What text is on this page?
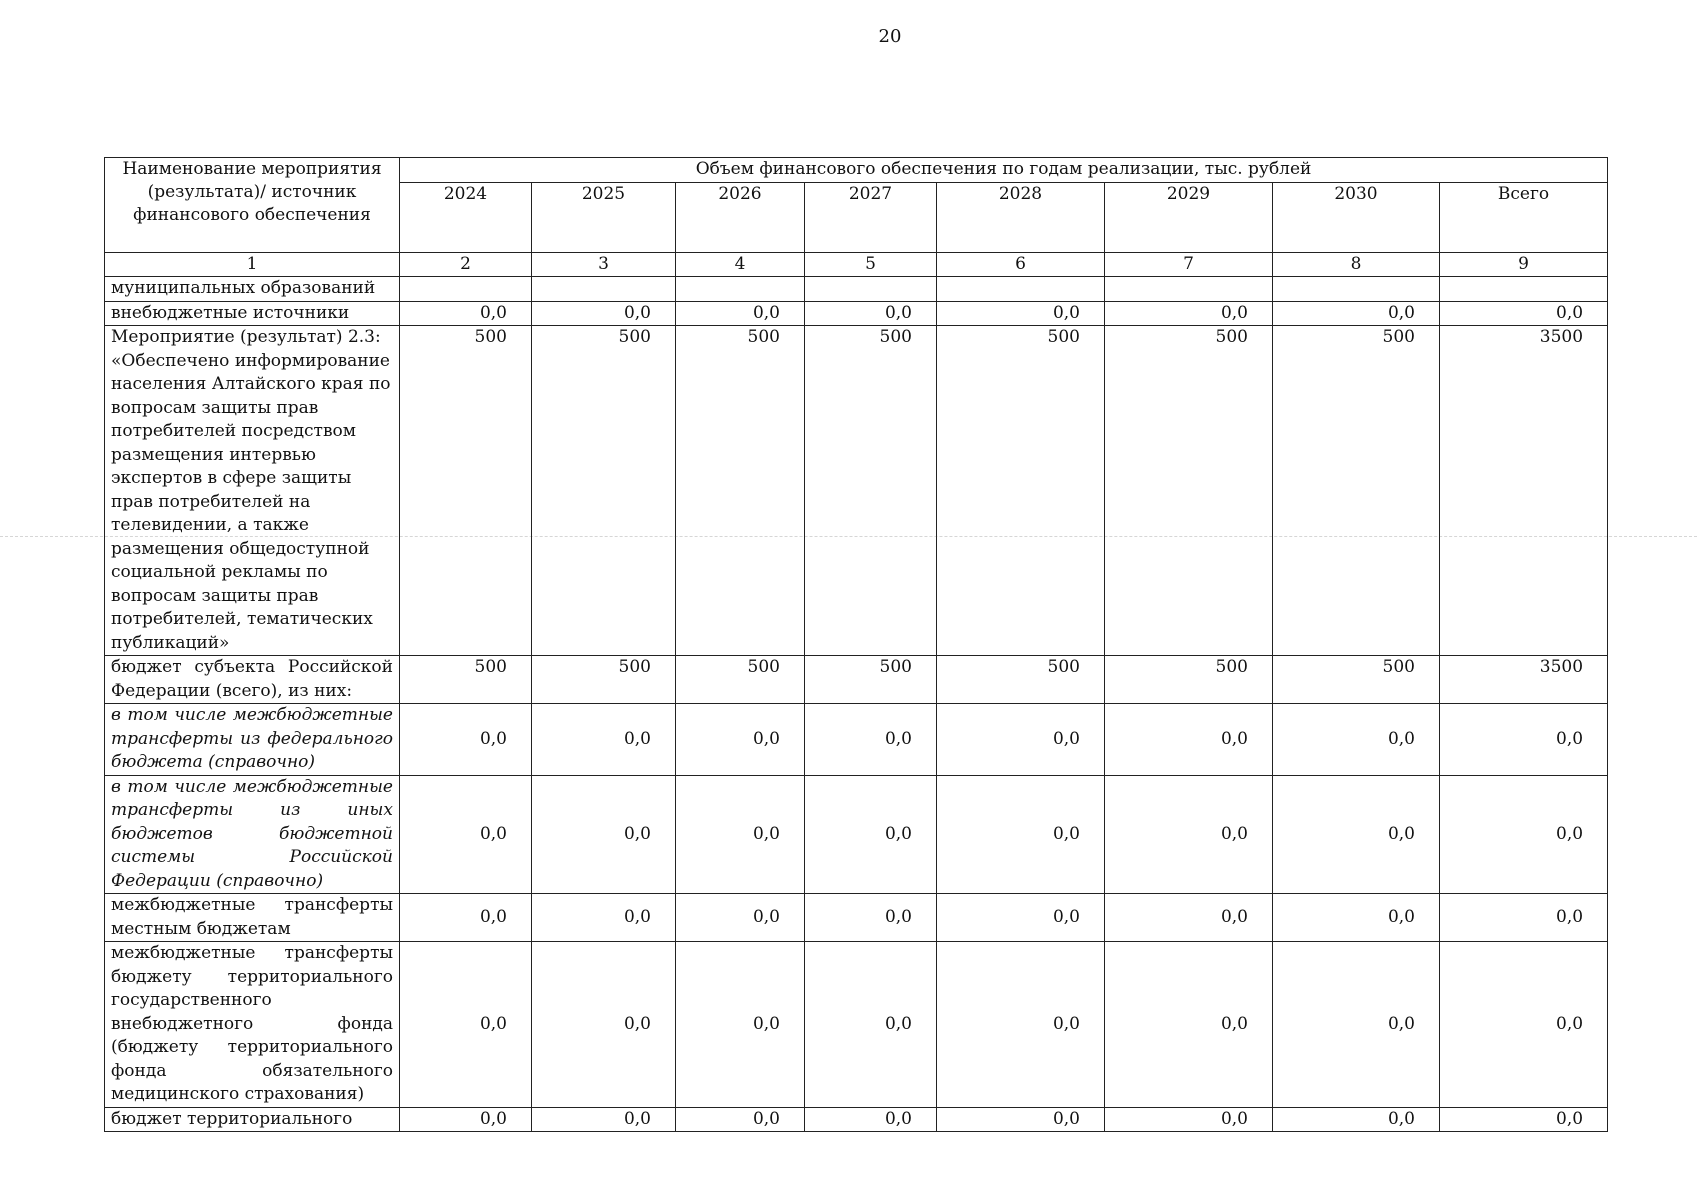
20
Наименование мероприятия (результата)/ источник финансового обеспечения	Объем финансового обеспечения по годам реализации, тыс. рублей							
	2024	2025	2026	2027	2028	2029	2030	Всего
1	2	3	4	5	6	7	8	9
муниципальных образований								
внебюджетные источники	0,0	0,0	0,0	0,0	0,0	0,0	0,0	0,0
Мероприятие (результат) 2.3: «Обеспечено информирование населения Алтайского края по вопросам защиты прав потребителей посредством размещения интервью экспертов в сфере защиты прав потребителей на телевидении, а также размещения общедоступной социальной рекламы по вопросам защиты прав потребителей, тематических публикаций»	500	500	500	500	500	500	500	3500
бюджет субъекта Российской Федерации (всего), из них:	500	500	500	500	500	500	500	3500
в том числе межбюджетные трансферты из федерального бюджета (справочно)	0,0	0,0	0,0	0,0	0,0	0,0	0,0	0,0
в том числе межбюджетные трансферты из иных бюджетов бюджетной системы Российской Федерации (справочно)	0,0	0,0	0,0	0,0	0,0	0,0	0,0	0,0
межбюджетные трансферты местным бюджетам	0,0	0,0	0,0	0,0	0,0	0,0	0,0	0,0
межбюджетные трансферты бюджету территориального государственного внебюджетного фонда (бюджету территориального фонда обязательного медицинского страхования)	0,0	0,0	0,0	0,0	0,0	0,0	0,0	0,0
бюджет территориального	0,0	0,0	0,0	0,0	0,0	0,0	0,0	0,0
